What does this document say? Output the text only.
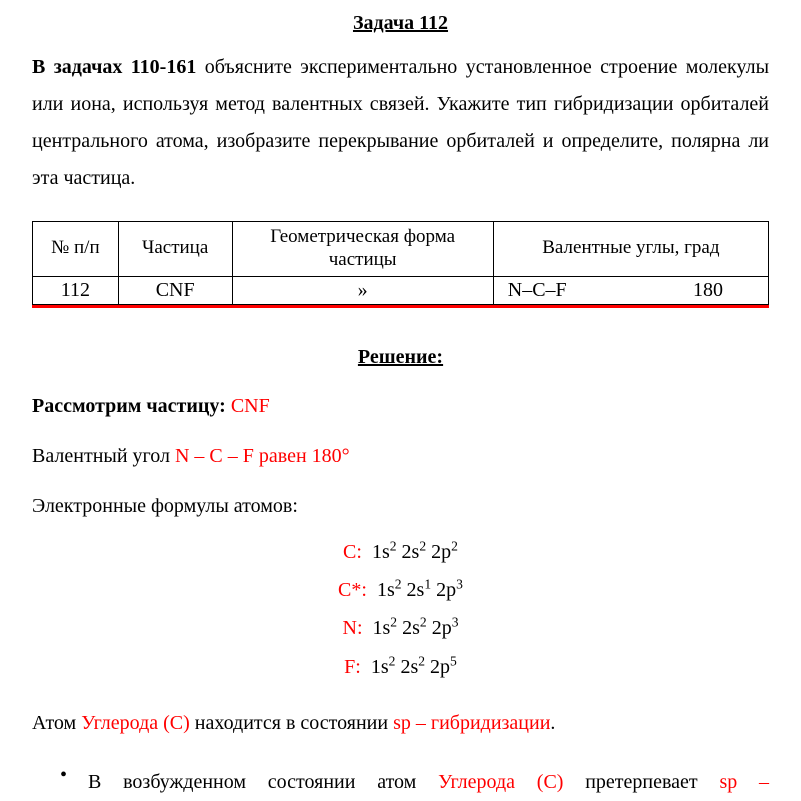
Задача 112

В задачах 110-161 объясните экспериментально установленное строение молекулы или иона, используя метод валентных связей. Укажите тип гибридизации орбиталей центрального атома, изобразите перекрывание орбиталей и определите, полярна ли эта частица.

№ п/п	Частица	Геометрическая форма частицы	Валентные углы, град
112	CNF	»	N–C–F 180
Решение:

Рассмотрим частицу: CNF

Валентный угол N – C – F равен 180°

Электронные формулы атомов:

C: $1s^2$ $2s^2$ $2p^2$
C*: $1s^2$ $2s^1$ $2p^3$
N: $1s^2$ $2s^2$ $2p^3$
F: $1s^2$ $2s^2$ $2p^5$

Атом Углерода (C) находится в состоянии sp – гибридизации.

•	В возбужденном состоянии атом Углерода (C) претерпевает sp –
